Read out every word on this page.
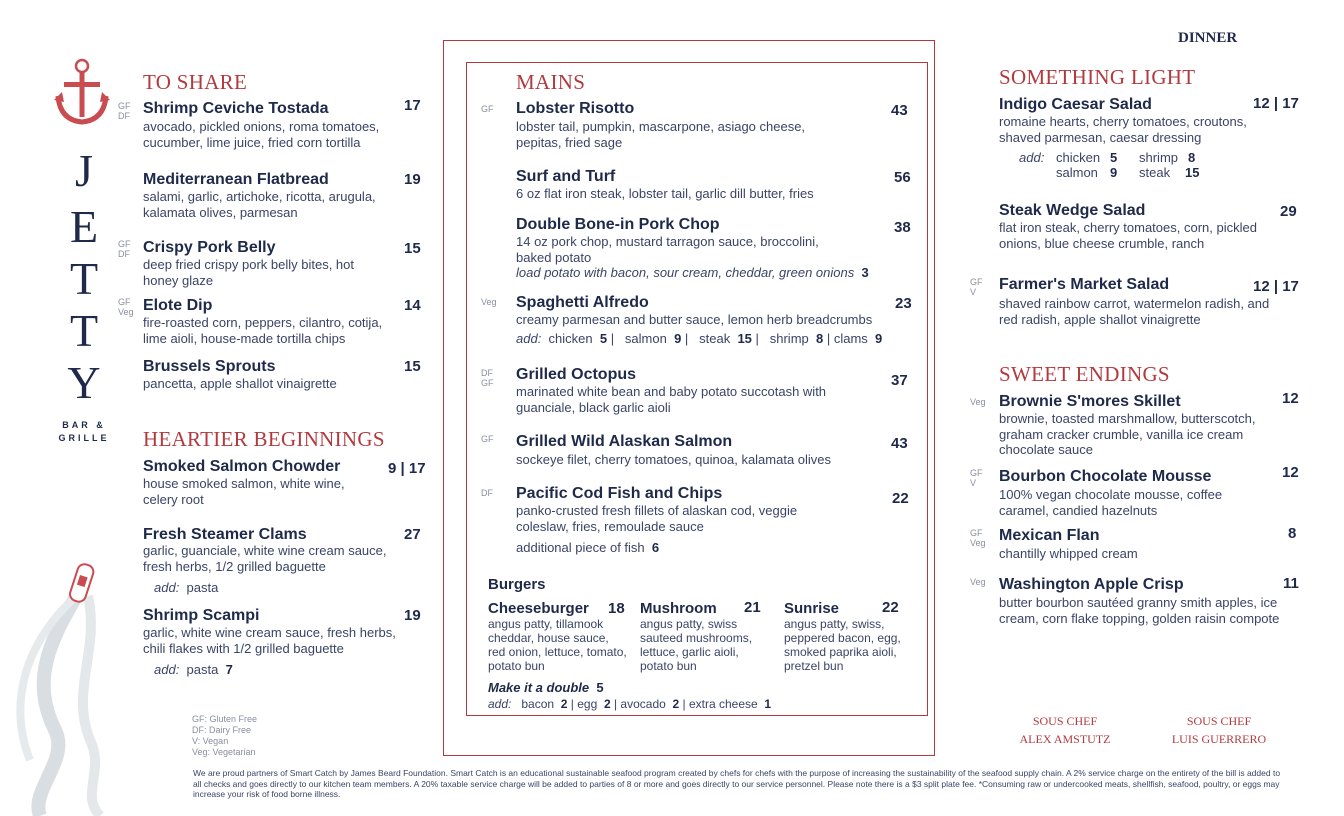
DINNER
J
E
T
T
Y
BAR &
GRILLE
TO SHARE
GF
DF Shrimp Ceviche Tostada	17
avocado, pickled onions, roma tomatoes, cucumber, lime juice, fried corn tortilla
Mediterranean Flatbread	19
salami, garlic, artichoke, ricotta, arugula, kalamata olives, parmesan
GF
DF Crispy Pork Belly	15
deep fried crispy pork belly bites, hot honey glaze
GF
Veg Elote Dip	14
fire-roasted corn, peppers, cilantro, cotija, lime aioli, house-made tortilla chips
Brussels Sprouts	15
pancetta, apple shallot vinaigrette
HEARTIER BEGINNINGS
Smoked Salmon Chowder	9 | 17
house smoked salmon, white wine, celery root
Fresh Steamer Clams	27
garlic, guanciale, white wine cream sauce, fresh herbs, 1/2 grilled baguette
add: pasta
Shrimp Scampi	19
garlic, white wine cream sauce, fresh herbs, chili flakes with 1/2 grilled baguette
add: pasta 7
GF: Gluten Free
DF: Dairy Free
V: Vegan
Veg: Vegetarian
MAINS
GF Lobster Risotto	43
lobster tail, pumpkin, mascarpone, asiago cheese, pepitas, fried sage
Surf and Turf	56
6 oz flat iron steak, lobster tail, garlic dill butter, fries
Double Bone-in Pork Chop	38
14 oz pork chop, mustard tarragon sauce, broccolini, baked potato
load potato with bacon, sour cream, cheddar, green onions 3
Veg Spaghetti Alfredo	23
creamy parmesan and butter sauce, lemon herb breadcrumbs
add: chicken 5 |   salmon 9 |   steak 15 |   shrimp 8 | clams 9
DF
GF Grilled Octopus	37
marinated white bean and baby potato succotash with guanciale, black garlic aioli
GF Grilled Wild Alaskan Salmon	43
sockeye filet, cherry tomatoes, quinoa, kalamata olives
DF Pacific Cod Fish and Chips	22
panko-crusted fresh fillets of alaskan cod, veggie coleslaw, fries, remoulade sauce
additional piece of fish 6
Burgers
Cheeseburger 18
angus patty, tillamook cheddar, house sauce, red onion, lettuce, tomato, potato bun
Mushroom 21
angus patty, swiss sauteed mushrooms, lettuce, garlic aioli, potato bun
Sunrise	22
angus patty, swiss, peppered bacon, egg, smoked paprika aioli, pretzel bun
Make it a double 5
add: bacon 2 | egg 2 | avocado 2 | extra cheese 1
SOMETHING LIGHT
Indigo Caesar Salad	12 | 17
romaine hearts, cherry tomatoes, croutons, shaved parmesan, caesar dressing
add: chicken 5 shrimp 8
salmon 9 steak 15
Steak Wedge Salad	29
flat iron steak, cherry tomatoes, corn, pickled onions, blue cheese crumble, ranch
GF
V	Farmer's Market Salad	12 | 17
shaved rainbow carrot, watermelon radish, and red radish, apple shallot vinaigrette
SWEET ENDINGS
Veg Brownie S'mores Skillet	12
brownie, toasted marshmallow, butterscotch, graham cracker crumble, vanilla ice cream chocolate sauce
GF
V	Bourbon Chocolate Mousse	12
100% vegan chocolate mousse, coffee caramel, candied hazelnuts
GF
Veg Mexican Flan	8
chantilly whipped cream
Veg Washington Apple Crisp	11
butter bourbon sautéed granny smith apples, ice cream, corn flake topping, golden raisin compote
SOUS CHEF
ALEX AMSTUTZ
SOUS CHEF
LUIS GUERRERO
We are proud partners of Smart Catch by James Beard Foundation. Smart Catch is an educational sustainable seafood program created by chefs for chefs with the purpose of increasing the sustainability of the seafood supply chain. A 2% service charge on the entirety of the bill is added to all checks and goes directly to our kitchen team members. A 20% taxable service charge will be added to parties of 8 or more and goes directly to our service personnel. Please note there is a $3 split plate fee. *Consuming raw or undercooked meats, shellfish, seafood, poultry, or eggs may increase your risk of food borne illness.
